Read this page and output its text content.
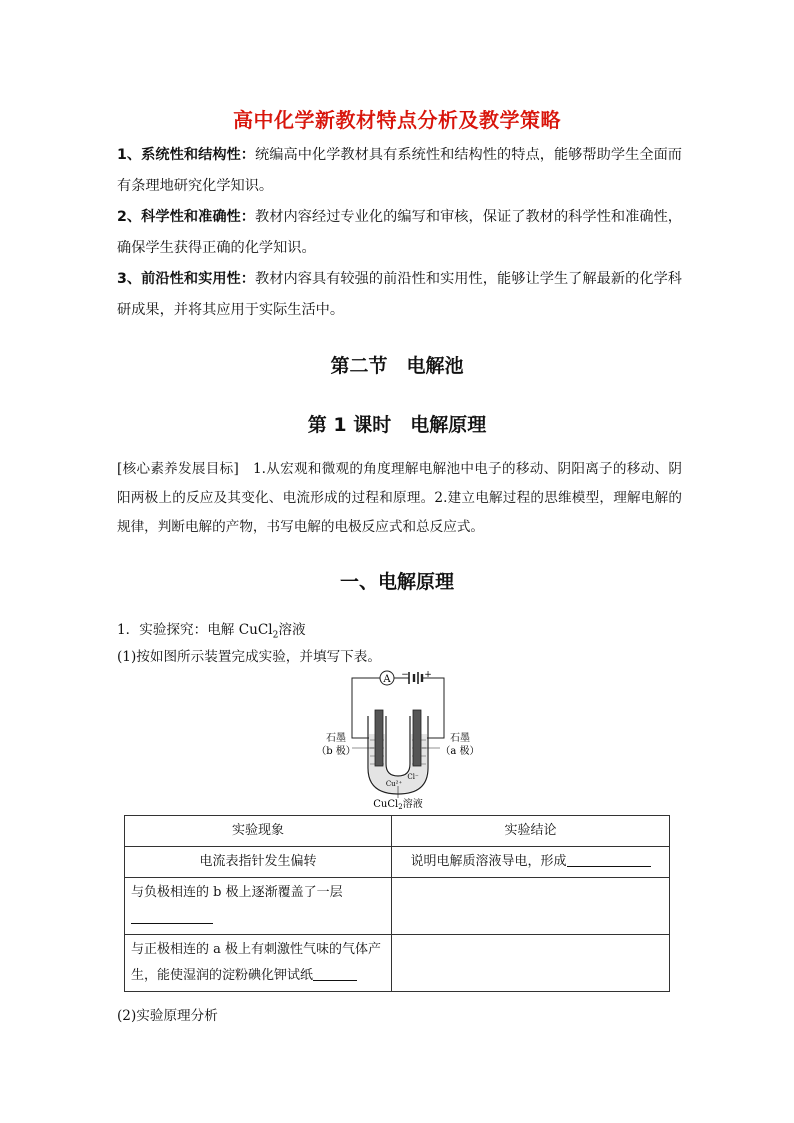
高中化学新教材特点分析及教学策略
1、系统性和结构性：统编高中化学教材具有系统性和结构性的特点，能够帮助学生全面而有条理地研究化学知识。
2、科学性和准确性：教材内容经过专业化的编写和审核，保证了教材的科学性和准确性，确保学生获得正确的化学知识。
3、前沿性和实用性：教材内容具有较强的前沿性和实用性，能够让学生了解最新的化学科研成果，并将其应用于实际生活中。
第二节　电解池
第 1 课时　电解原理
[核心素养发展目标]　1.从宏观和微观的角度理解电解池中电子的移动、阴阳离子的移动、阴阳两极上的反应及其变化、电流形成的过程和原理。2.建立电解过程的思维模型，理解电解的规律，判断电解的产物，书写电解的电极反应式和总反应式。
一、电解原理
1．实验探究：电解 CuCl$_2$溶液
(1)按如图所示装置完成实验，并填写下表。
A − +
Cu²⁺
Cl⁻
石墨
（b 极）
石墨
（a 极）
CuCl$_2$溶液
实验现象	实验结论
电流表指针发生偏转	说明电解质溶液导电，形成
与负极相连的 b 极上逐渐覆盖了一层

与正极相连的 a 极上有刺激性气味的气体产生，能使湿润的淀粉碘化钾试纸	
(2)实验原理分析
